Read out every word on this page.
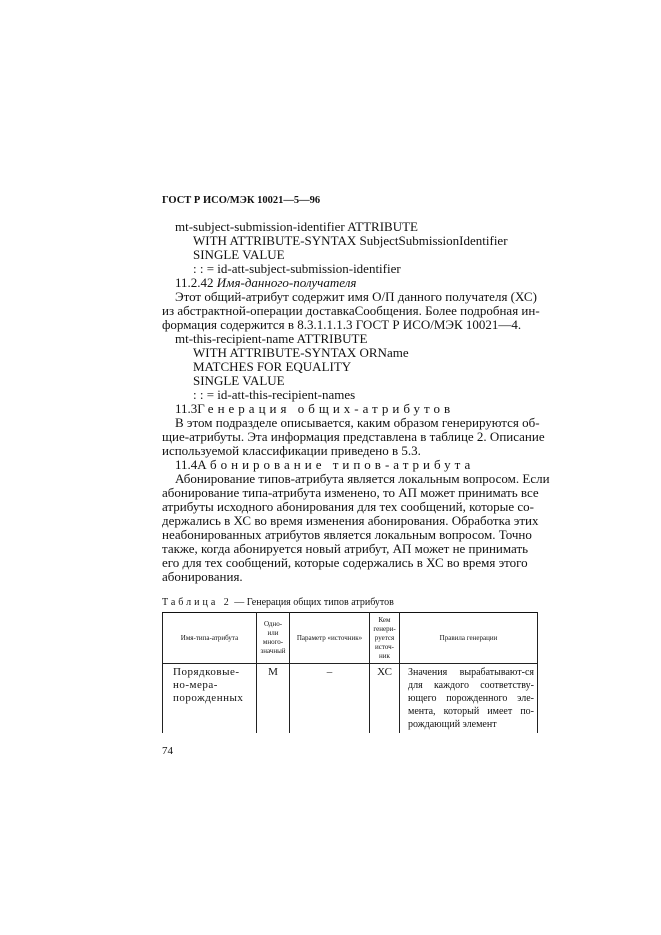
ГОСТ Р ИСО/МЭК 10021—5—96
mt-subject-submission-identifier ATTRIBUTE
WITH ATTRIBUTE-SYNTAX SubjectSubmissionIdentifier
SINGLE VALUE
: : = id-att-subject-submission-identifier
11.2.42 Имя-данного-получателя
Этот общий-атрибут содержит имя О/П данного получателя (ХС)
из абстрактной-операции доставкаСообщения. Более подробная ин-
формация содержится в 8.3.1.1.1.3 ГОСТ Р ИСО/МЭК 10021—4.
mt-this-recipient-name ATTRIBUTE
WITH ATTRIBUTE-SYNTAX ORName
MATCHES FOR EQUALITY
SINGLE VALUE
: : = id-att-this-recipient-names
11.3Генерация общих-атрибутов
В этом подразделе описывается, каким образом генерируются об-
щие-атрибуты. Эта информация представлена в таблице 2. Описание
используемой классификации приведено в 5.3.
11.4Абонирование типов-атрибута
Абонирование типов-атрибута является локальным вопросом. Если
абонирование типа-атрибута изменено, то АП может принимать все
атрибуты исходного абонирования для тех сообщений, которые со-
держались в ХС во время изменения абонирования. Обработка этих
неабонированных атрибутов является локальным вопросом. Точно
также, когда абонируется новый атрибут, АП может не принимать
его для тех сообщений, которые содержались в ХС во время этого
абонирования.
Таблица 2 — Генерация общих типов атрибутов
Имя-типа-атрибута	Одно-или много-значный	Параметр «источник»	Кем генери-руется источ-ник	Правила генерации
Порядковые-но-мера-порожденных	М	–	ХС	Значения вырабатывают-ся для каждого соответству-ющего порожденного эле-мента, который имеет по-рождающий элемент
74
